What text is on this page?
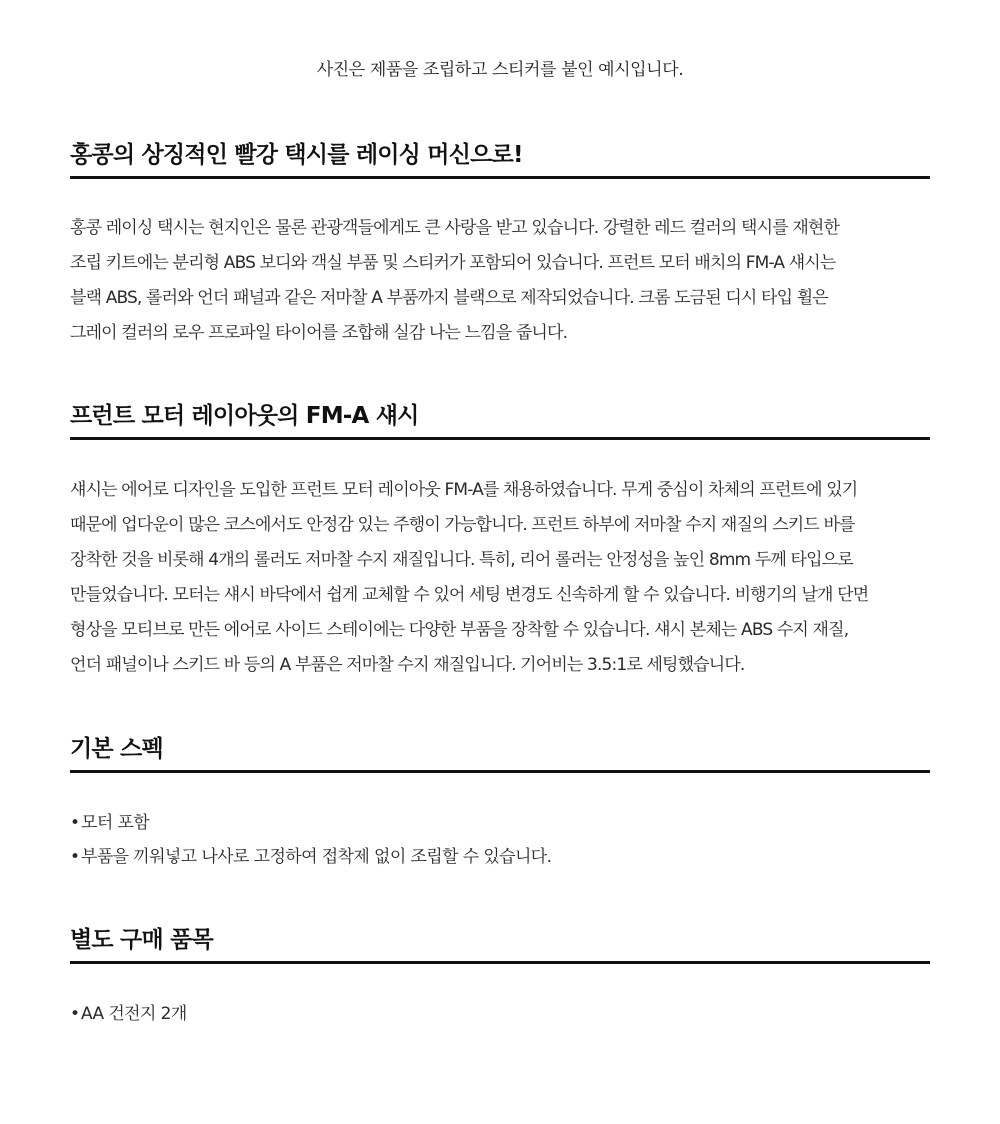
사진은 제품을 조립하고 스티커를 붙인 예시입니다.
홍콩의 상징적인 빨강 택시를 레이싱 머신으로!
홍콩 레이싱 택시는 현지인은 물론 관광객들에게도 큰 사랑을 받고 있습니다. 강렬한 레드 컬러의 택시를 재현한
조립 키트에는 분리형 ABS 보디와 객실 부품 및 스티커가 포함되어 있습니다. 프런트 모터 배치의 FM-A 섀시는
블랙 ABS, 롤러와 언더 패널과 같은 저마찰 A 부품까지 블랙으로 제작되었습니다. 크롬 도금된 디시 타입 휠은
그레이 컬러의 로우 프로파일 타이어를 조합해 실감 나는 느낌을 줍니다.
프런트 모터 레이아웃의 FM-A 섀시
섀시는 에어로 디자인을 도입한 프런트 모터 레이아웃 FM-A를 채용하였습니다. 무게 중심이 차체의 프런트에 있기
때문에 업다운이 많은 코스에서도 안정감 있는 주행이 가능합니다. 프런트 하부에 저마찰 수지 재질의 스키드 바를
장착한 것을 비롯해 4개의 롤러도 저마찰 수지 재질입니다. 특히, 리어 롤러는 안정성을 높인 8mm 두께 타입으로
만들었습니다. 모터는 섀시 바닥에서 쉽게 교체할 수 있어 세팅 변경도 신속하게 할 수 있습니다. 비행기의 날개 단면
형상을 모티브로 만든 에어로 사이드 스테이에는 다양한 부품을 장착할 수 있습니다. 섀시 본체는 ABS 수지 재질,
언더 패널이나 스키드 바 등의 A 부품은 저마찰 수지 재질입니다. 기어비는 3.5:1로 세팅했습니다.
기본 스펙
•모터 포함
•부품을 끼워넣고 나사로 고정하여 접착제 없이 조립할 수 있습니다.
별도 구매 품목
•AA 건전지 2개
